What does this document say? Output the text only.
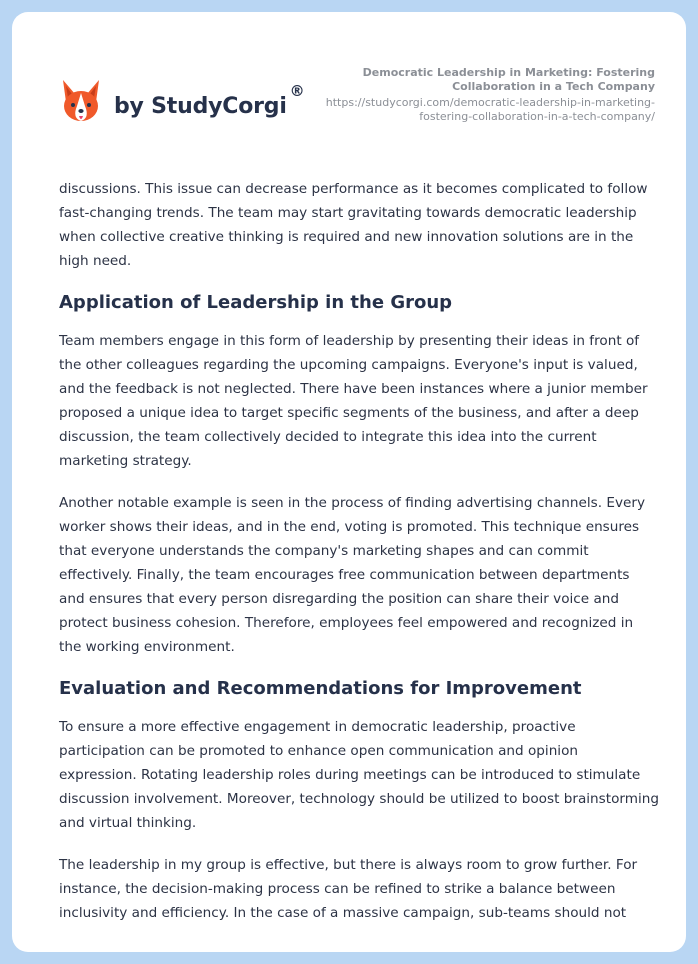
by StudyCorgi
®
Democratic Leadership in Marketing: Fostering Collaboration in a Tech Company
https://studycorgi.com/democratic-leadership-in-marketing-fostering-collaboration-in-a-tech-company/

discussions. This issue can decrease performance as it becomes complicated to follow fast-changing trends. The team may start gravitating towards democratic leadership when collective creative thinking is required and new innovation solutions are in the high need.

Application of Leadership in the Group

Team members engage in this form of leadership by presenting their ideas in front of the other colleagues regarding the upcoming campaigns. Everyone's input is valued, and the feedback is not neglected. There have been instances where a junior member proposed a unique idea to target specific segments of the business, and after a deep discussion, the team collectively decided to integrate this idea into the current marketing strategy.

Another notable example is seen in the process of finding advertising channels. Every worker shows their ideas, and in the end, voting is promoted. This technique ensures that everyone understands the company's marketing shapes and can commit effectively. Finally, the team encourages free communication between departments and ensures that every person disregarding the position can share their voice and protect business cohesion. Therefore, employees feel empowered and recognized in the working environment.

Evaluation and Recommendations for Improvement

To ensure a more effective engagement in democratic leadership, proactive participation can be promoted to enhance open communication and opinion expression. Rotating leadership roles during meetings can be introduced to stimulate discussion involvement. Moreover, technology should be utilized to boost brainstorming and virtual thinking.

The leadership in my group is effective, but there is always room to grow further. For instance, the decision-making process can be refined to strike a balance between inclusivity and efficiency. In the case of a massive campaign, sub-teams should not
